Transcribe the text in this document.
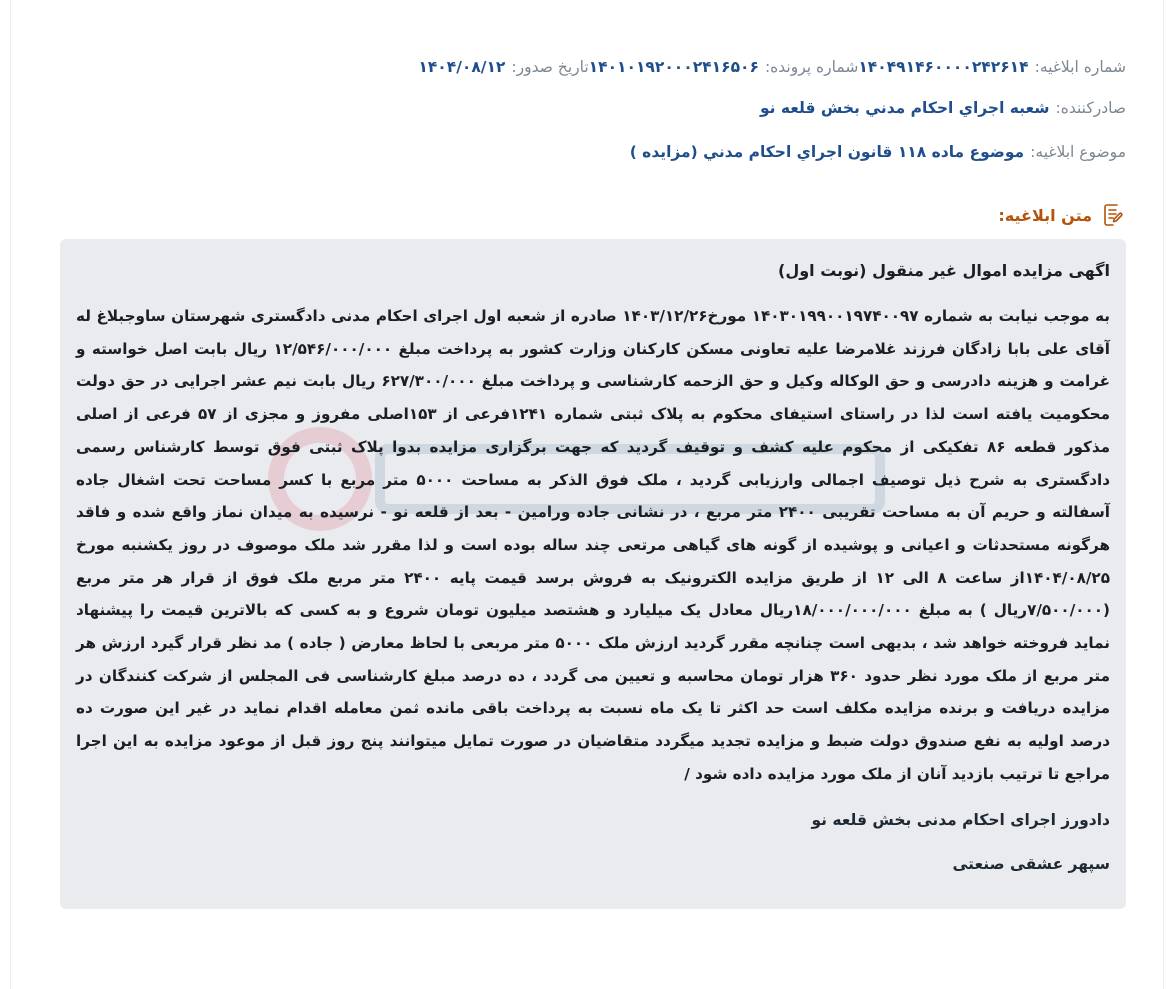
شماره ابلاغیه:
۱۴۰۴۹۱۴۶۰۰۰۰۲۴۲۶۱۴
شماره پرونده:
۱۴۰۱۰۱۹۲۰۰۰۲۴۱۶۵۰۶
تاریخ صدور:
۱۴۰۴/۰۸/۱۲
صادرکننده:
شعبه اجراي احکام مدني بخش قلعه نو
موضوع ابلاغیه:
موضوع ماده ۱۱۸ قانون اجراي احکام مدني (مزايده )
متن ابلاغیه:
اگهی مزایده اموال غیر منقول (نوبت اول)
به موجب نیابت به شماره ۱۴۰۳۰۱۹۹۰۰۱۹۷۴۰۰۹۷ مورخ۱۴۰۳/۱۲/۲۶ صادره از شعبه اول اجرای احکام مدنی دادگستری شهرستان ساوجبلاغ له آقای علی بابا زادگان فرزند غلامرضا علیه تعاونی مسکن کارکنان وزارت کشور به پرداخت مبلغ ۱۲/۵۴۶/۰۰۰/۰۰۰ ریال بابت اصل خواسته و غرامت و هزینه دادرسی و حق الوکاله وکیل و حق الزحمه کارشناسی و پرداخت مبلغ ۶۲۷/۳۰۰/۰۰۰ ریال بابت نیم عشر اجرایی در حق دولت محکومیت یافته است لذا در راستای استیفای محکوم به پلاک ثبتی شماره ۱۲۴۱فرعی از ۱۵۳اصلی مفروز و مجزی از ۵۷ فرعی از اصلی مذکور قطعه ۸۶ تفکیکی از محکوم علیه کشف و توقیف گردید که جهت برگزاری مزایده بدوا پلاک ثبتی فوق توسط کارشناس رسمی دادگستری به شرح ذیل توصیف اجمالی وارزیابی گردید ، ملک فوق الذکر به مساحت ۵۰۰۰ متر مربع با کسر مساحت تحت اشغال جاده آسفالته و حریم آن به مساحت تقریبی ۲۴۰۰ متر مربع ، در نشانی جاده ورامین - بعد از قلعه نو - نرسیده به میدان نماز واقع شده و فاقد هرگونه مستحدثات و اعیانی و پوشیده از گونه های گیاهی مرتعی چند ساله بوده است و لذا مقرر شد ملک موصوف در روز یکشنبه مورخ ۱۴۰۴/۰۸/۲۵از ساعت ۸ الی ۱۲ از طریق مزایده الکترونیک به فروش برسد قیمت پایه ۲۴۰۰ متر مربع ملک فوق از قرار هر متر مربع (۷/۵۰۰/۰۰۰ریال ) به مبلغ ۱۸/۰۰۰/۰۰۰/۰۰۰ریال معادل یک میلیارد و هشتصد میلیون تومان شروع و به کسی که بالاترین قیمت را پیشنهاد نماید فروخته خواهد شد ، بدیهی است چنانچه مقرر گردید ارزش ملک ۵۰۰۰ متر مربعی با لحاظ معارض ( جاده ) مد نظر قرار گیرد ارزش هر متر مربع از ملک مورد نظر حدود ۳۶۰ هزار تومان محاسبه و تعیین می گردد ، ده درصد مبلغ کارشناسی فی المجلس از شرکت کنندگان در مزایده دریافت و برنده مزایده مکلف است حد اکثر تا یک ماه نسبت به پرداخت باقی مانده ثمن معامله اقدام نماید در غیر این صورت ده درصد اولیه به نفع صندوق دولت ضبط و مزایده تجدید میگردد متقاضیان در صورت تمایل میتوانند پنج روز قبل از موعود مزایده به این اجرا مراجع تا ترتیب بازدید آنان از ملک مورد مزایده داده شود /
دادورز اجرای احکام مدنی بخش قلعه نو
سپهر عشقی صنعتی
